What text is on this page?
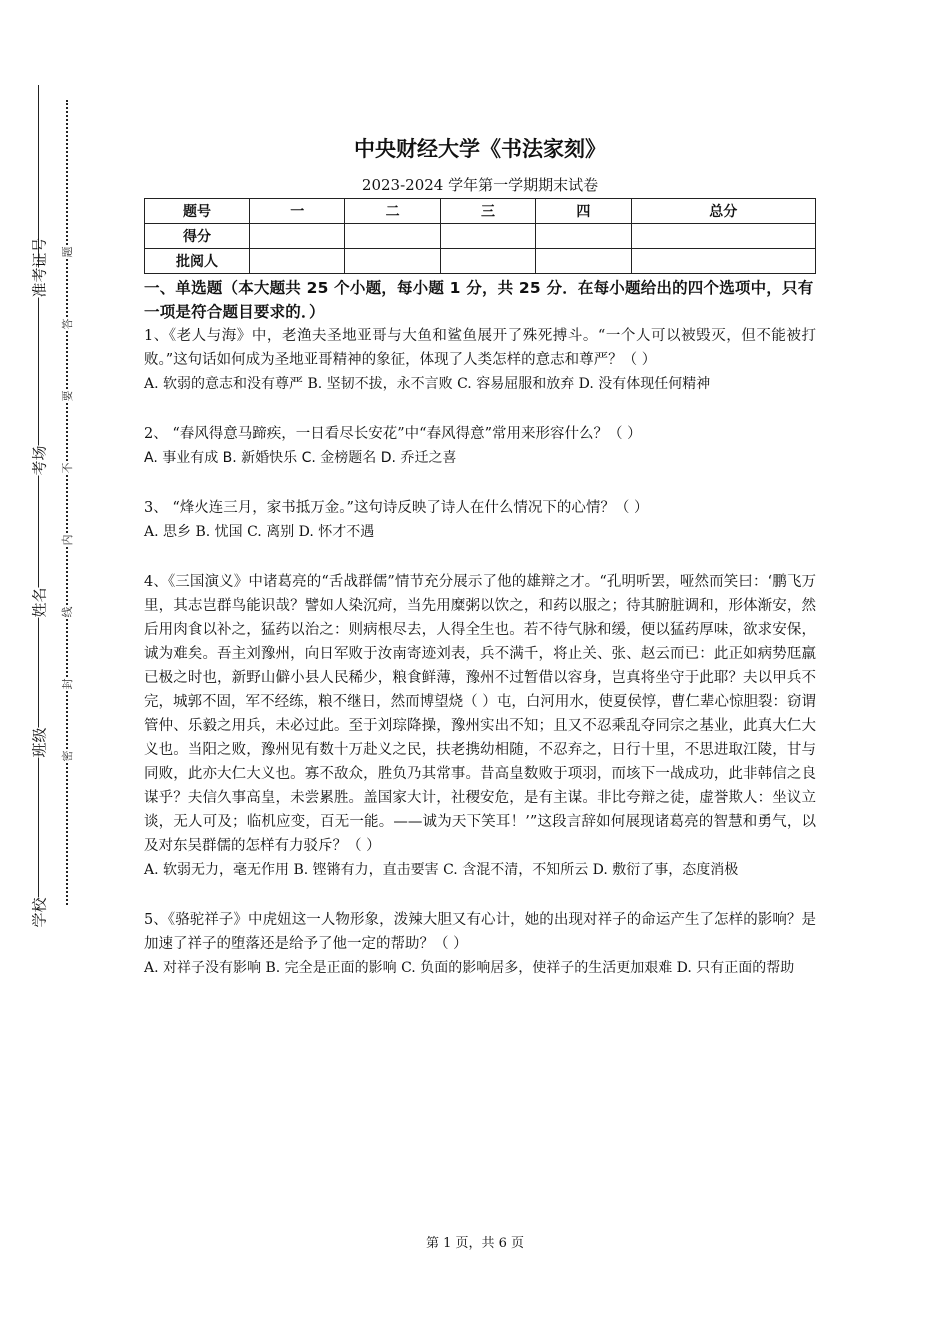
准考证号
考场
姓名
班级
学校
题
答
要
不
内
线
封
密
中央财经大学《书法家刻》
2023-2024 学年第一学期期末试卷
题号	一	二	三	四	总分
得分					
批阅人					
一、单选题（本大题共 25 个小题，每小题 1 分，共 25 分．在每小题给出的四个选项中，只有一项是符合题目要求的．）

1、《老人与海》中，老渔夫圣地亚哥与大鱼和鲨鱼展开了殊死搏斗。“一个人可以被毁灭，但不能被打败。”这句话如何成为圣地亚哥精神的象征，体现了人类怎样的意志和尊严？（ ）

A. 软弱的意志和没有尊严 B. 坚韧不拔，永不言败 C. 容易屈服和放弃 D. 没有体现任何精神

2、 “春风得意马蹄疾，一日看尽长安花”中“春风得意”常用来形容什么？（ ）

A. 事业有成 B. 新婚快乐 C. 金榜题名 D. 乔迁之喜

3、 “烽火连三月，家书抵万金。”这句诗反映了诗人在什么情况下的心情？（ ）

A. 思乡 B. 忧国 C. 离别 D. 怀才不遇

4、《三国演义》中诸葛亮的“舌战群儒”情节充分展示了他的雄辩之才。“孔明听罢，哑然而笑曰：‘鹏飞万里，其志岂群鸟能识哉？譬如人染沉疴，当先用糜粥以饮之，和药以服之；待其腑脏调和，形体渐安，然后用肉食以补之，猛药以治之：则病根尽去，人得全生也。若不待气脉和缓，便以猛药厚味，欲求安保，诚为难矣。吾主刘豫州，向日军败于汝南寄迹刘表，兵不满千，将止关、张、赵云而已：此正如病势尫羸已极之时也，新野山僻小县人民稀少，粮食鲜薄，豫州不过暂借以容身，岂真将坐守于此耶？夫以甲兵不完，城郭不固，军不经练，粮不继日，然而博望烧（ ）屯，白河用水，使夏侯惇，曹仁辈心惊胆裂：窃谓管仲、乐毅之用兵，未必过此。至于刘琮降操，豫州实出不知；且又不忍乘乱夺同宗之基业，此真大仁大义也。当阳之败，豫州见有数十万赴义之民，扶老携幼相随，不忍弃之，日行十里，不思进取江陵，甘与同败，此亦大仁大义也。寡不敌众，胜负乃其常事。昔高皇数败于项羽，而垓下一战成功，此非韩信之良谋乎？夫信久事高皇，未尝累胜。盖国家大计，社稷安危，是有主谋。非比夸辩之徒，虚誉欺人：坐议立谈，无人可及；临机应变，百无一能。——诚为天下笑耳！’”这段言辞如何展现诸葛亮的智慧和勇气，以及对东吴群儒的怎样有力驳斥？（ ）

A. 软弱无力，毫无作用 B. 铿锵有力，直击要害 C. 含混不清，不知所云 D. 敷衍了事，态度消极

5、《骆驼祥子》中虎妞这一人物形象，泼辣大胆又有心计，她的出现对祥子的命运产生了怎样的影响？是加速了祥子的堕落还是给予了他一定的帮助？（ ）

A. 对祥子没有影响 B. 完全是正面的影响 C. 负面的影响居多，使祥子的生活更加艰难 D. 只有正面的帮助

第 1 页，共 6 页
